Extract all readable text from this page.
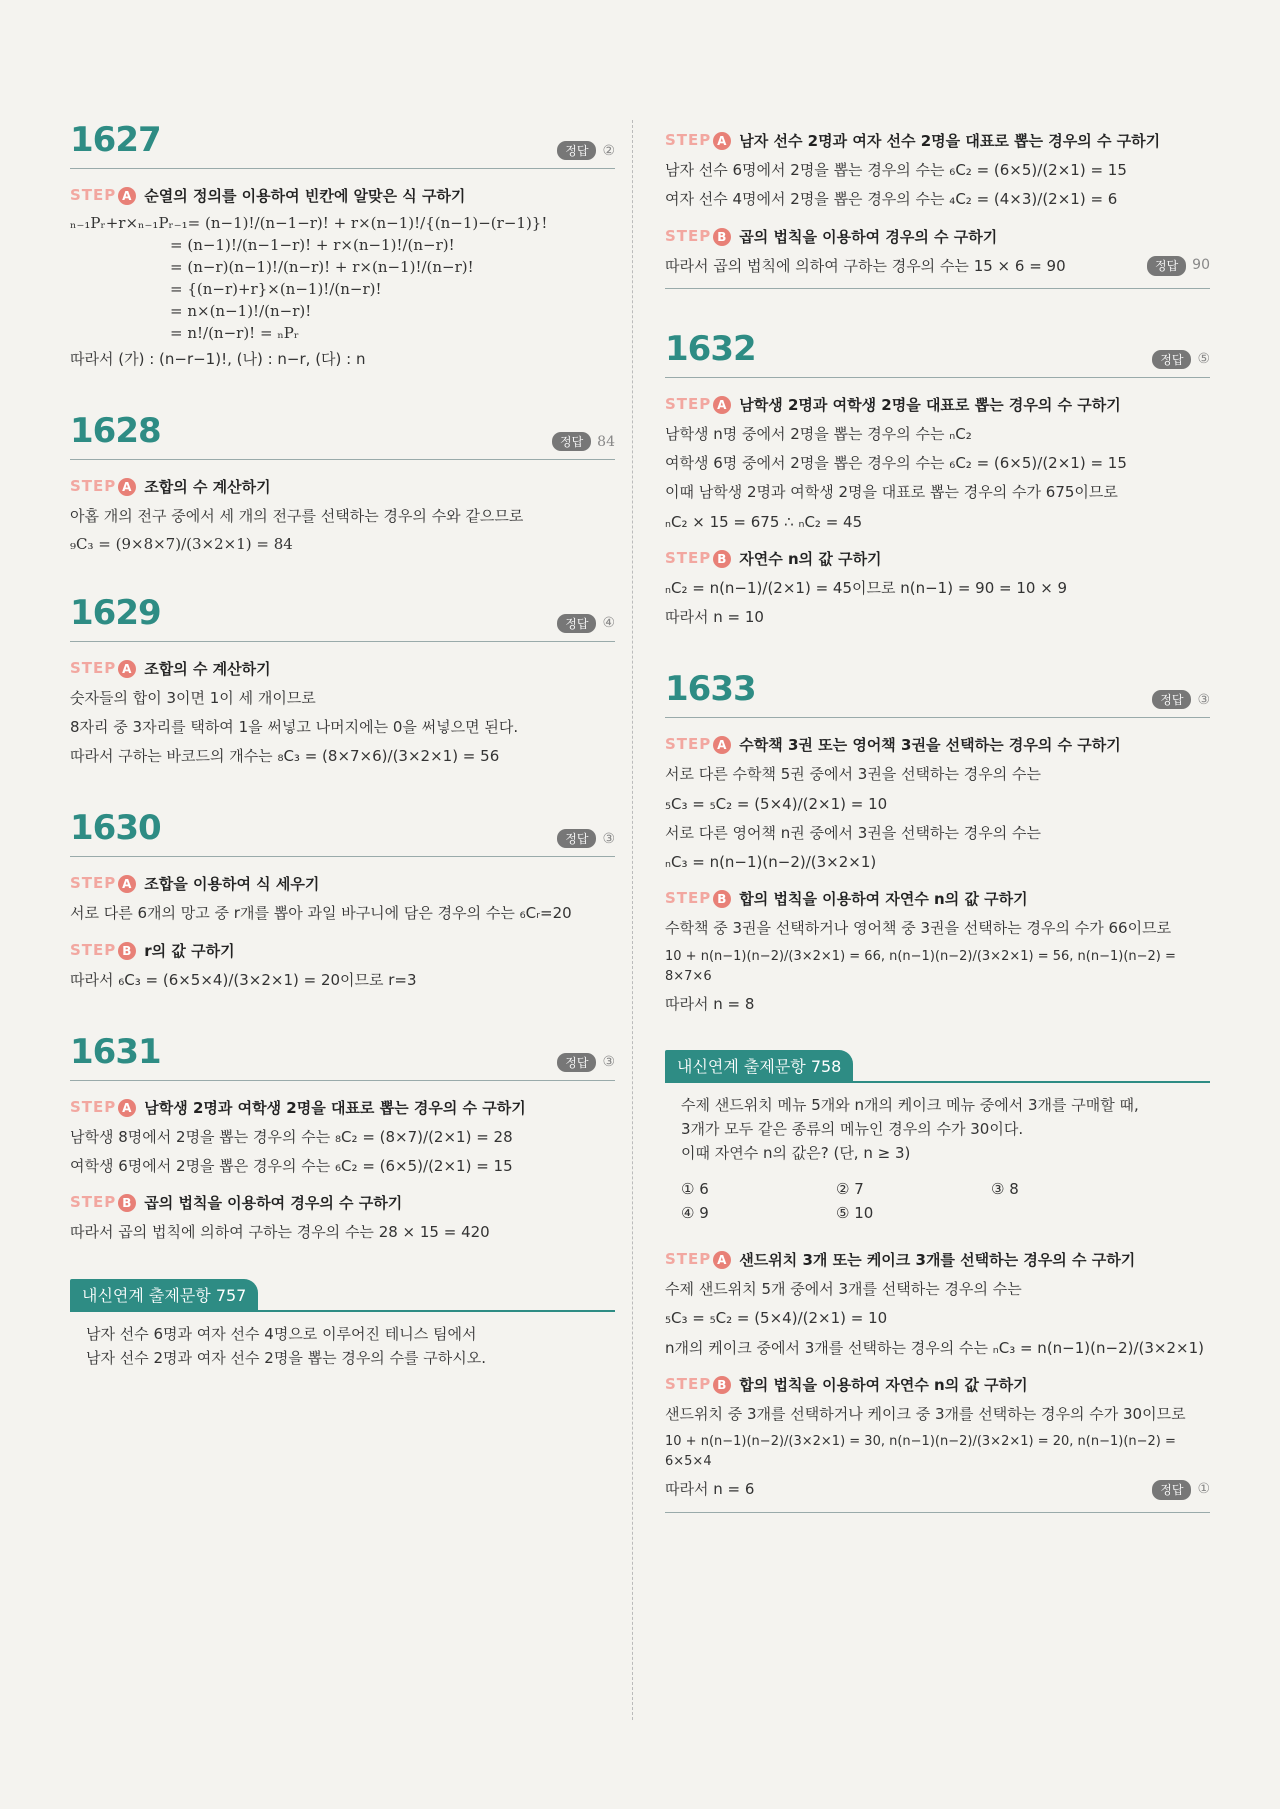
1627	정답	②
STEP A 순열의 정의를 이용하여 빈칸에 알맞은 식 구하기
ₙ₋₁Pᵣ+r×ₙ₋₁Pᵣ₋₁= (n−1)!/(n−1−r)! + r×(n−1)!/{(n−1)−(r−1)}!
= (n−1)!/(n−1−r)! + r×(n−1)!/(n−r)!
= (n−r)(n−1)!/(n−r)! + r×(n−1)!/(n−r)!
= {(n−r)+r}×(n−1)!/(n−r)!
= n×(n−1)!/(n−r)!
= n!/(n−r)! = ₙPᵣ
따라서 (가) : (n−r−1)!, (나) : n−r, (다) : n
1628	정답	84
STEP A 조합의 수 계산하기
아홉 개의 전구 중에서 세 개의 전구를 선택하는 경우의 수와 같으므로
₉C₃ = (9×8×7)/(3×2×1) = 84
1629	정답	④
STEP A 조합의 수 계산하기
숫자들의 합이 3이면 1이 세 개이므로
8자리 중 3자리를 택하여 1을 써넣고 나머지에는 0을 써넣으면 된다.
따라서 구하는 바코드의 개수는 ₈C₃ = (8×7×6)/(3×2×1) = 56
1630	정답	③
STEP A 조합을 이용하여 식 세우기
서로 다른 6개의 망고 중 r개를 뽑아 과일 바구니에 담은 경우의 수는 ₆Cᵣ=20
STEP B r의 값 구하기
따라서 ₆C₃ = (6×5×4)/(3×2×1) = 20이므로 r=3
1631	정답	③
STEP A 남학생 2명과 여학생 2명을 대표로 뽑는 경우의 수 구하기
남학생 8명에서 2명을 뽑는 경우의 수는 ₈C₂ = (8×7)/(2×1) = 28
여학생 6명에서 2명을 뽑은 경우의 수는 ₆C₂ = (6×5)/(2×1) = 15
STEP B 곱의 법칙을 이용하여 경우의 수 구하기
따라서 곱의 법칙에 의하여 구하는 경우의 수는 28 × 15 = 420
내신연계 출제문항 757
남자 선수 6명과 여자 선수 4명으로 이루어진 테니스 팀에서
남자 선수 2명과 여자 선수 2명을 뽑는 경우의 수를 구하시오.
STEP A 남자 선수 2명과 여자 선수 2명을 대표로 뽑는 경우의 수 구하기
남자 선수 6명에서 2명을 뽑는 경우의 수는 ₆C₂ = (6×5)/(2×1) = 15
여자 선수 4명에서 2명을 뽑은 경우의 수는 ₄C₂ = (4×3)/(2×1) = 6
STEP B 곱의 법칙을 이용하여 경우의 수 구하기
따라서 곱의 법칙에 의하여 구하는 경우의 수는 15 × 6 = 90	정답	90
1632	정답	⑤
STEP A 남학생 2명과 여학생 2명을 대표로 뽑는 경우의 수 구하기
남학생 n명 중에서 2명을 뽑는 경우의 수는 ₙC₂
여학생 6명 중에서 2명을 뽑은 경우의 수는 ₆C₂ = (6×5)/(2×1) = 15
이때 남학생 2명과 여학생 2명을 대표로 뽑는 경우의 수가 675이므로
ₙC₂ × 15 = 675 ∴ ₙC₂ = 45
STEP B 자연수 n의 값 구하기
ₙC₂ = n(n−1)/(2×1) = 45이므로 n(n−1) = 90 = 10 × 9
따라서 n = 10
1633	정답	③
STEP A 수학책 3권 또는 영어책 3권을 선택하는 경우의 수 구하기
서로 다른 수학책 5권 중에서 3권을 선택하는 경우의 수는
₅C₃ = ₅C₂ = (5×4)/(2×1) = 10
서로 다른 영어책 n권 중에서 3권을 선택하는 경우의 수는
ₙC₃ = n(n−1)(n−2)/(3×2×1)
STEP B 합의 법칙을 이용하여 자연수 n의 값 구하기
수학책 중 3권을 선택하거나 영어책 중 3권을 선택하는 경우의 수가 66이므로
10 + n(n−1)(n−2)/(3×2×1) = 66, n(n−1)(n−2)/(3×2×1) = 56, n(n−1)(n−2) = 8×7×6
따라서 n = 8
내신연계 출제문항 758
수제 샌드위치 메뉴 5개와 n개의 케이크 메뉴 중에서 3개를 구매할 때,
3개가 모두 같은 종류의 메뉴인 경우의 수가 30이다.
이때 자연수 n의 값은? (단, n ≥ 3)
① 6	② 7	③ 8
④ 9	⑤ 10
STEP A 샌드위치 3개 또는 케이크 3개를 선택하는 경우의 수 구하기
수제 샌드위치 5개 중에서 3개를 선택하는 경우의 수는
₅C₃ = ₅C₂ = (5×4)/(2×1) = 10
n개의 케이크 중에서 3개를 선택하는 경우의 수는 ₙC₃ = n(n−1)(n−2)/(3×2×1)
STEP B 합의 법칙을 이용하여 자연수 n의 값 구하기
샌드위치 중 3개를 선택하거나 케이크 중 3개를 선택하는 경우의 수가 30이므로
10 + n(n−1)(n−2)/(3×2×1) = 30, n(n−1)(n−2)/(3×2×1) = 20, n(n−1)(n−2) = 6×5×4
따라서 n = 6	정답	①
